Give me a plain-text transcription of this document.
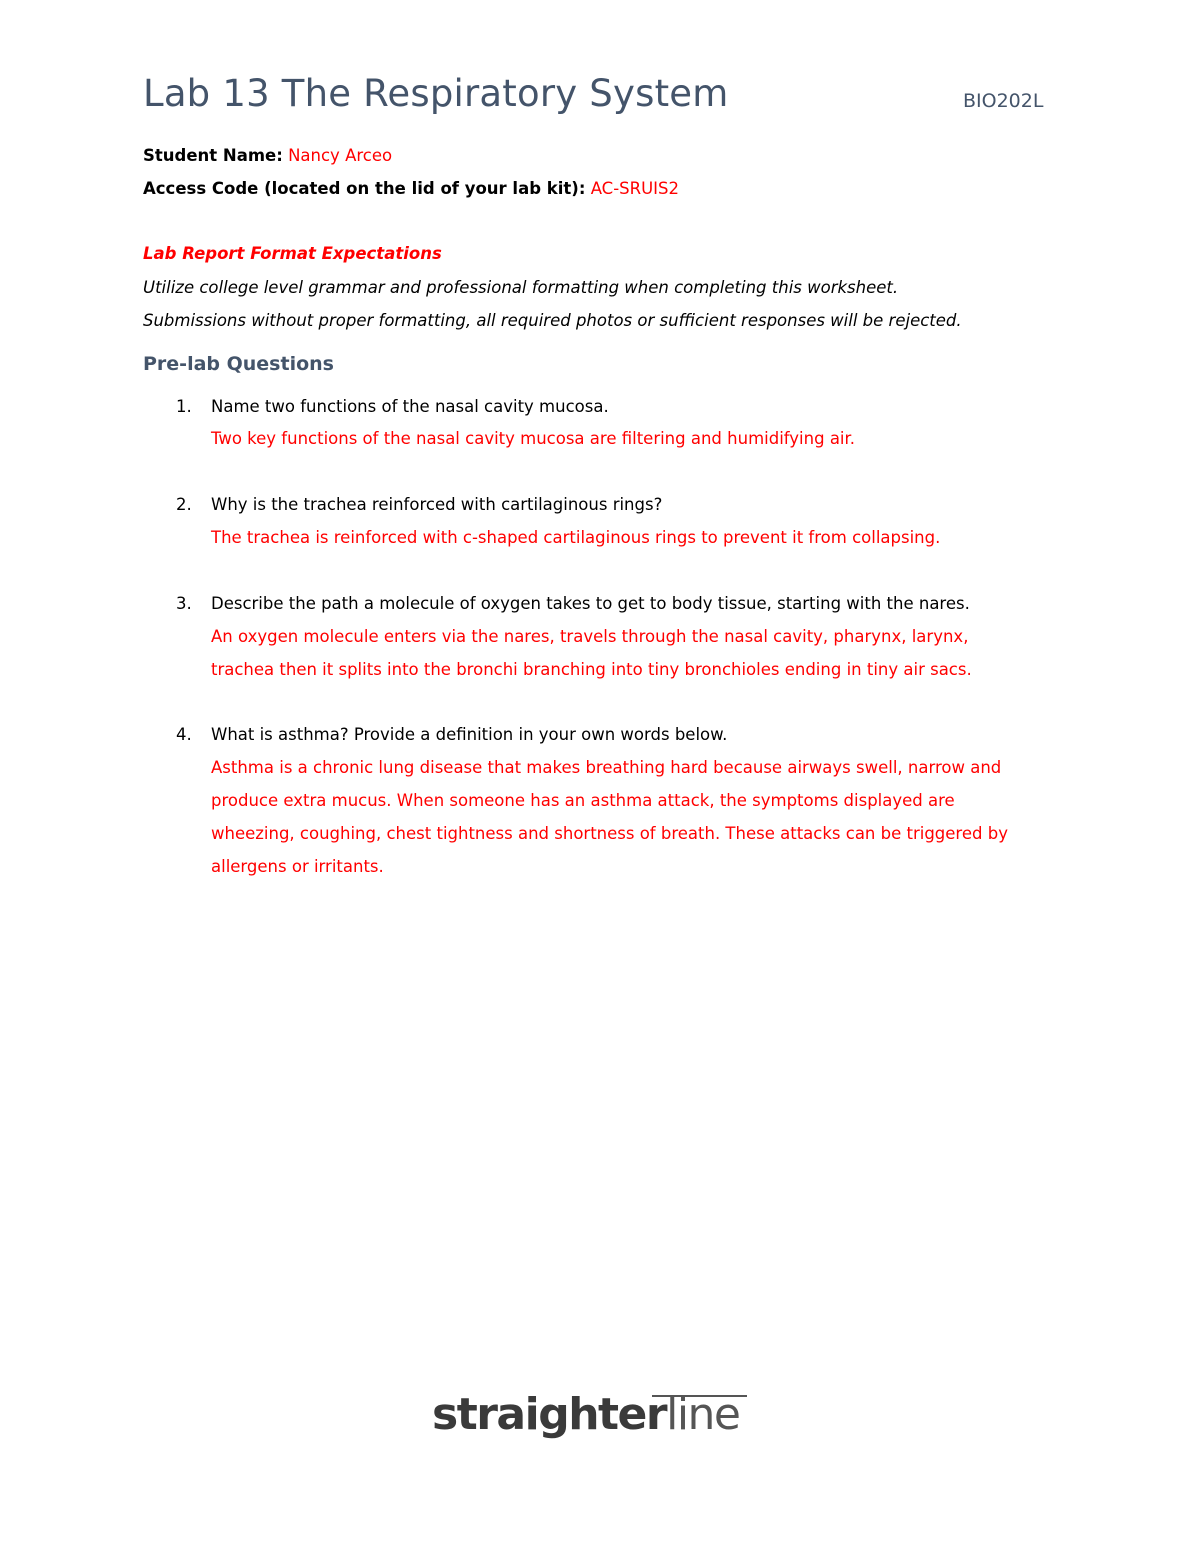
Lab 13 The Respiratory System	BIO202L
Student Name: Nancy Arceo
Access Code (located on the lid of your lab kit): AC-SRUIS2
Lab Report Format Expectations
Utilize college level grammar and professional formatting when completing this worksheet.
Submissions without proper formatting, all required photos or sufficient responses will be rejected.
Pre-lab Questions
1. Name two functions of the nasal cavity mucosa.
Two key functions of the nasal cavity mucosa are filtering and humidifying air.
2. Why is the trachea reinforced with cartilaginous rings?
The trachea is reinforced with c-shaped cartilaginous rings to prevent it from collapsing.
3. Describe the path a molecule of oxygen takes to get to body tissue, starting with the nares.
An oxygen molecule enters via the nares, travels through the nasal cavity, pharynx, larynx,
trachea then it splits into the bronchi branching into tiny bronchioles ending in tiny air sacs.
4. What is asthma? Provide a definition in your own words below.
Asthma is a chronic lung disease that makes breathing hard because airways swell, narrow and
produce extra mucus. When someone has an asthma attack, the symptoms displayed are
wheezing, coughing, chest tightness and shortness of breath. These attacks can be triggered by
allergens or irritants.
straighterline
